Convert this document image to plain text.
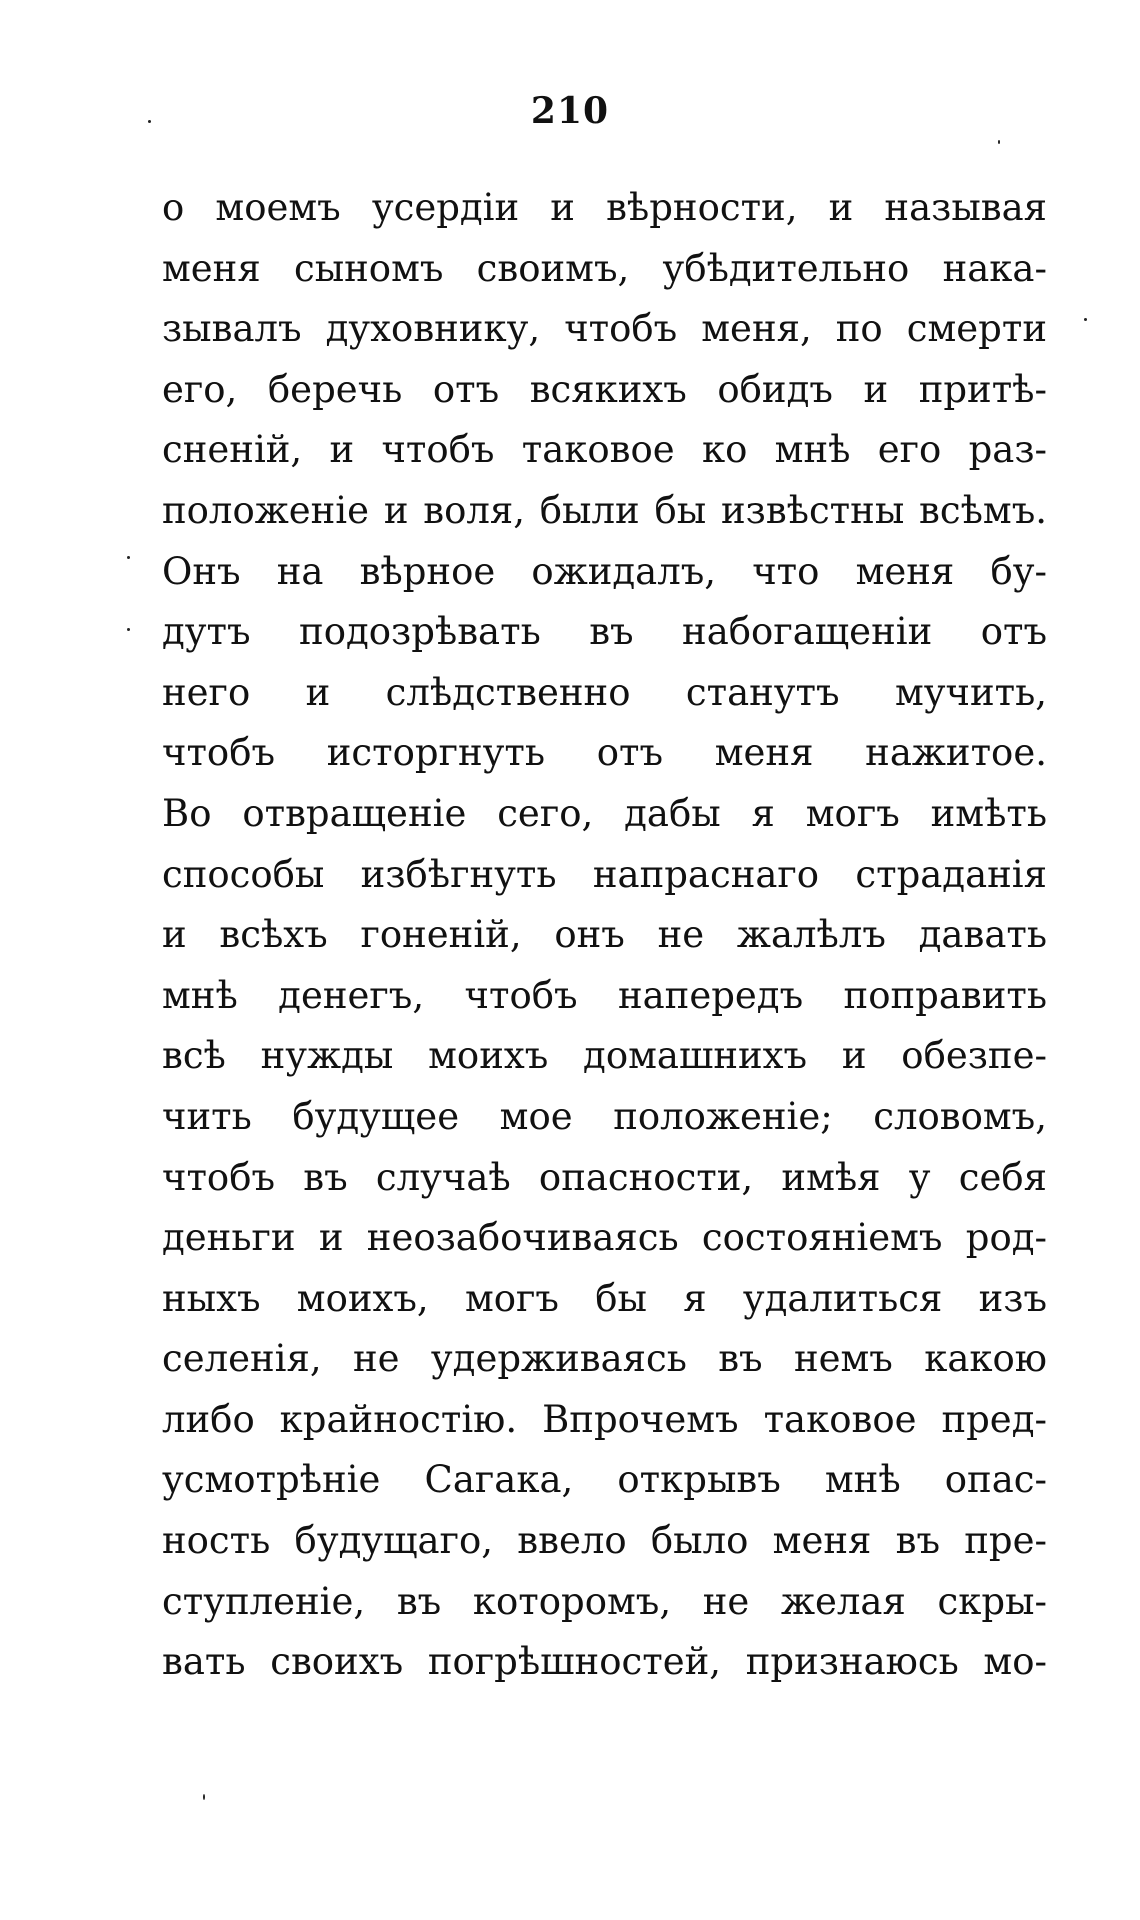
210
о моемъ усердіи и вѣрности, и называя
меня сыномъ своимъ, убѣдительно нака-
зывалъ духовнику, чтобъ меня, по смерти
его, беречь отъ всякихъ обидъ и притѣ-
сненій, и чтобъ таковое ко мнѣ его раз-
положеніе и воля, были бы извѣстны всѣмъ.
Онъ на вѣрное ожидалъ, что меня бу-
дутъ подозрѣвать въ набогащеніи отъ
него и слѣдственно станутъ мучить,
чтобъ исторгнуть отъ меня нажитое.
Во отвращеніе сего, дабы я могъ имѣть
способы избѣгнуть напраснаго страданія
и всѣхъ гоненій, онъ не жалѣлъ давать
мнѣ денегъ, чтобъ напередъ поправить
всѣ нужды моихъ домашнихъ и обезпе-
чить будущее мое положеніе; словомъ,
чтобъ въ случаѣ опасности, имѣя у себя
деньги и неозабочиваясь состояніемъ род-
ныхъ моихъ, могъ бы я удалиться изъ
селенія, не удерживаясь въ немъ какою
либо крайностію. Впрочемъ таковое пред-
усмотрѣніе Сагака, открывъ мнѣ опас-
ность будущаго, ввело было меня въ пре-
ступленіе, въ которомъ, не желая скры-
вать своихъ погрѣшностей, признаюсь мо-
